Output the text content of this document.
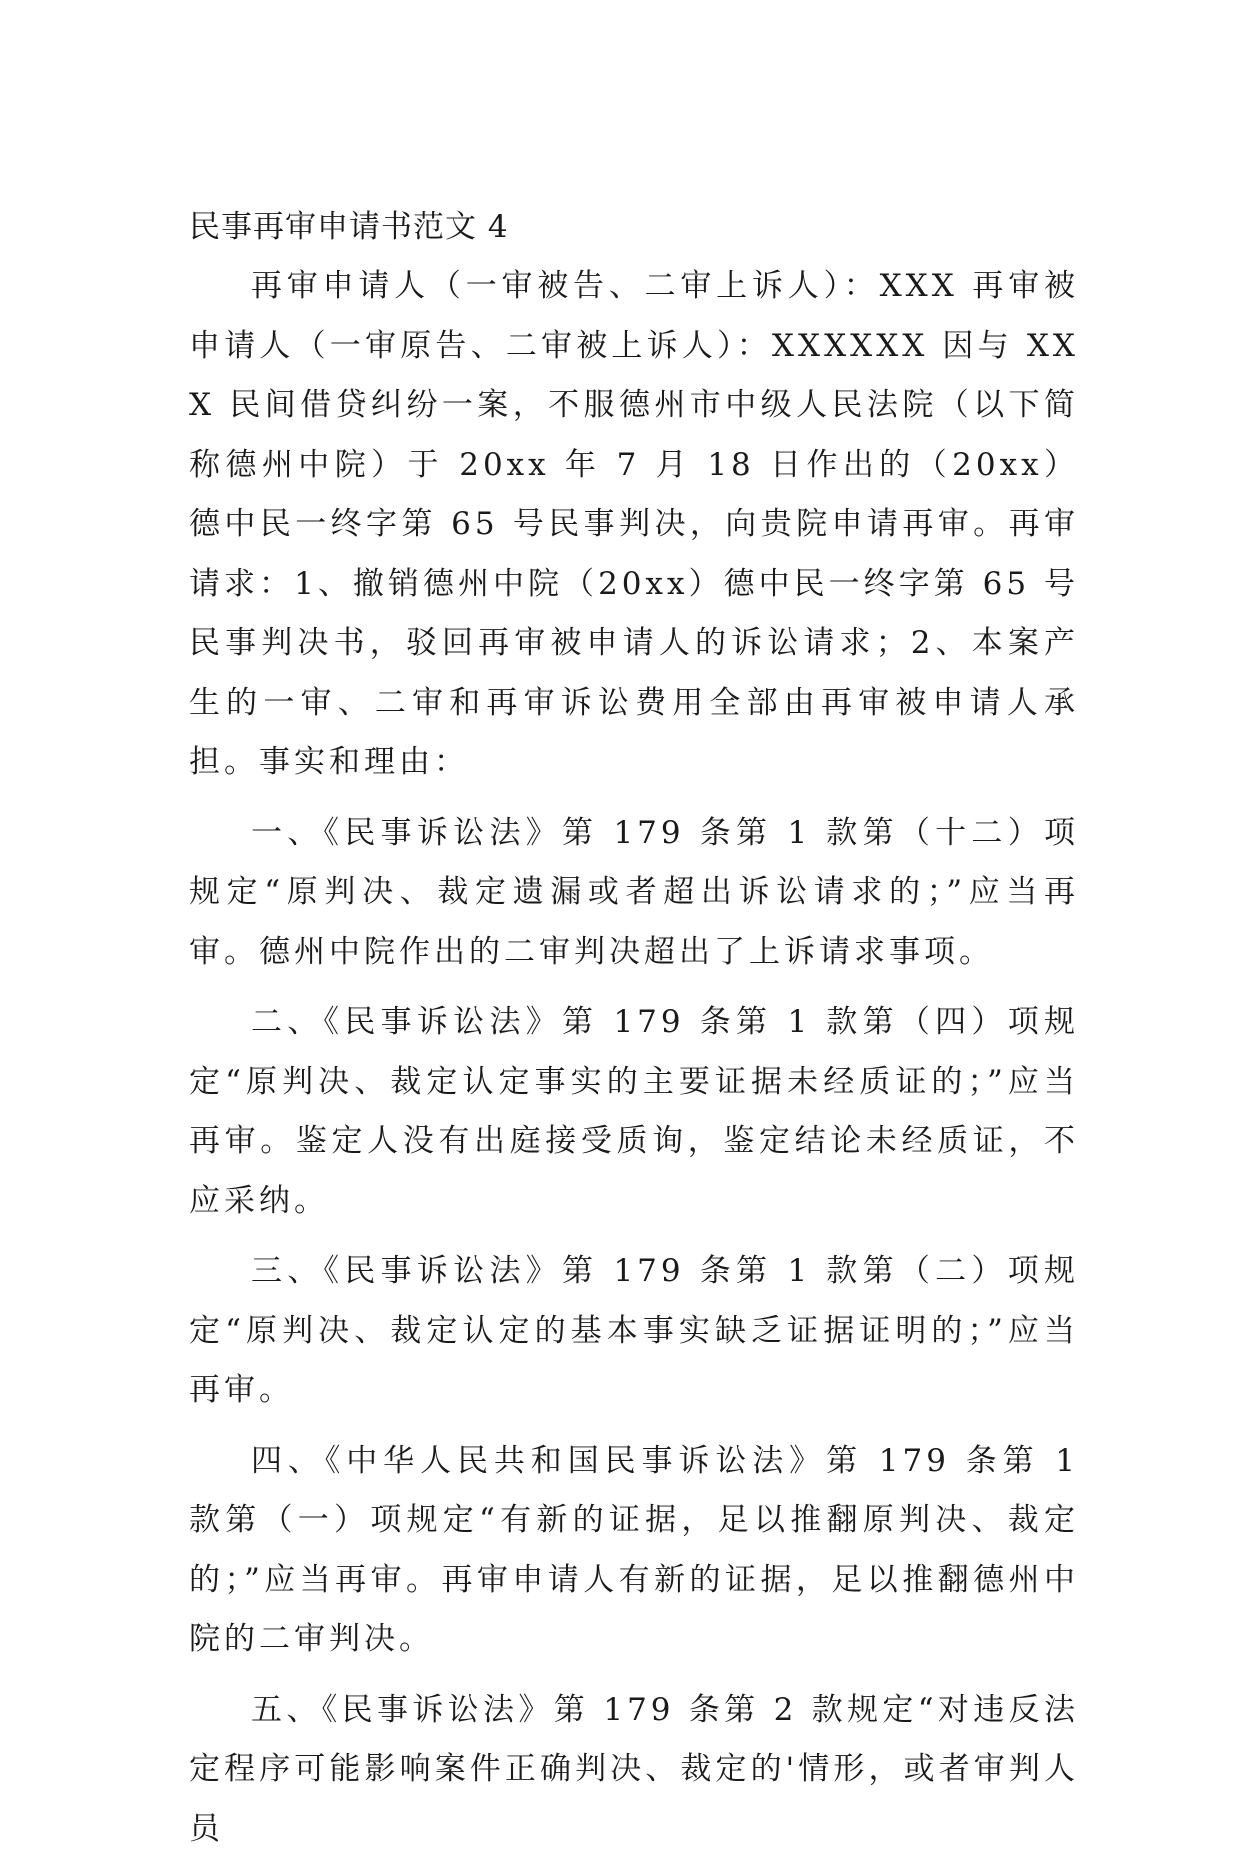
民事再审申请书范文 4

再审申请人（一审被告、二审上诉人）：XXX 再审被申请人（一审原告、二审被上诉人）：XXXXXX 因与 XXX 民间借贷纠纷一案，不服德州市中级人民法院（以下简称德州中院）于 20xx 年 7 月 18 日作出的（20xx）德中民一终字第 65 号民事判决，向贵院申请再审。再审请求：1、撤销德州中院（20xx）德中民一终字第 65 号民事判决书，驳回再审被申请人的诉讼请求；2、本案产生的一审、二审和再审诉讼费用全部由再审被申请人承担。事实和理由：

一、《民事诉讼法》第 179 条第 1 款第（十二）项规定“原判决、裁定遗漏或者超出诉讼请求的；”应当再审。德州中院作出的二审判决超出了上诉请求事项。

二、《民事诉讼法》第 179 条第 1 款第（四）项规定“原判决、裁定认定事实的主要证据未经质证的；”应当再审。鉴定人没有出庭接受质询，鉴定结论未经质证，不应采纳。

三、《民事诉讼法》第 179 条第 1 款第（二）项规定“原判决、裁定认定的基本事实缺乏证据证明的；”应当再审。

四、《中华人民共和国民事诉讼法》第 179 条第 1 款第（一）项规定“有新的证据，足以推翻原判决、裁定的；”应当再审。再审申请人有新的证据，足以推翻德州中院的二审判决。

五、《民事诉讼法》第 179 条第 2 款规定“对违反法定程序可能影响案件正确判决、裁定的'情形，或者审判人员
